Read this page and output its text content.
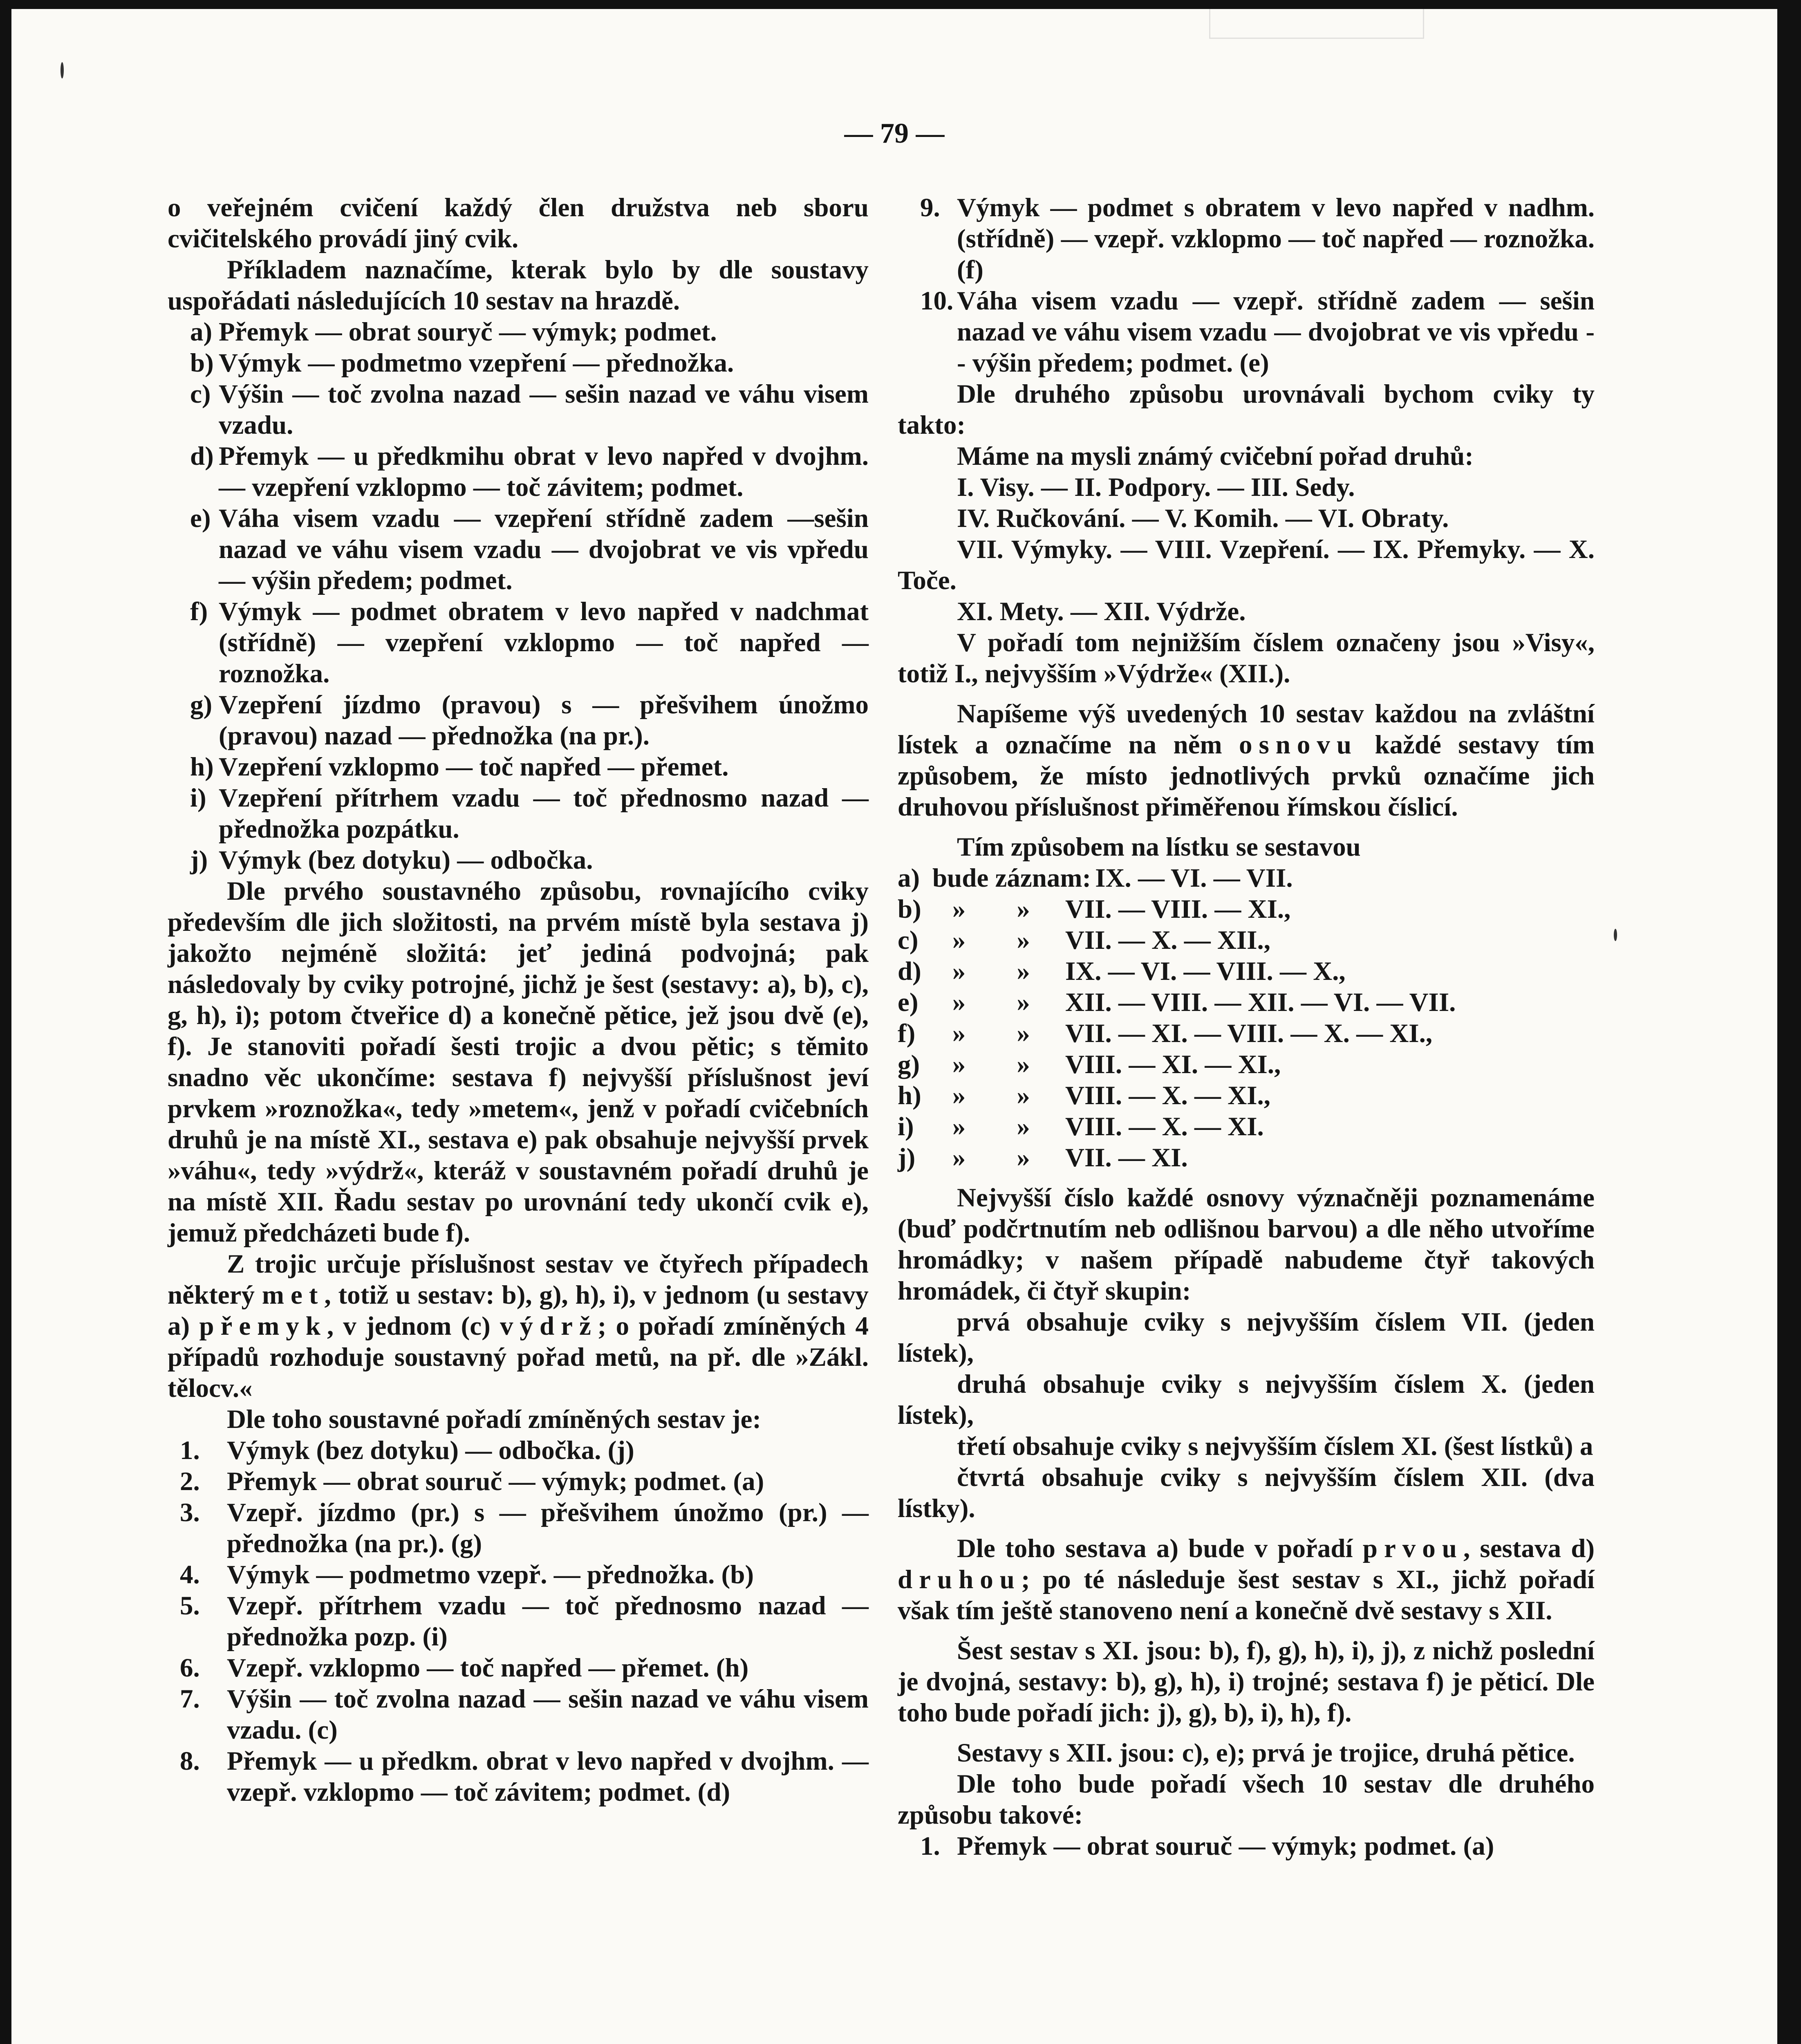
— 79 —

o veřejném cvičení každý člen družstva neb sboru cvičitelského provádí jiný cvik.

Příkladem naznačíme, kterak bylo by dle soustavy uspořádati následujících 10 sestav na hrazdě.

a) Přemyk — obrat sourуč — výmyk; podmet.
b) Výmyk — podmetmo vzepření — přednožka.
c) Výšin — toč zvolna nazad — sešin nazad ve váhu visem vzadu.
d) Přemyk — u předkmihu obrat v levo napřed v dvojhm. — vzepření vzklopmo — toč závitem; podmet.
e) Váha visem vzadu — vzepření střídně zadem —sešin nazad ve váhu visem vzadu — dvojobrat ve vis vpředu — výšin předem; podmet.
f) Výmyk — podmet obratem v levo napřed v nadchmat (střídně) — vzepření vzklopmo — toč napřed — roznožka.
g) Vzepření jízdmo (pravou) s — přešvihem únožmo (pravou) nazad — přednožka (na pr.).
h) Vzepření vzklopmo — toč napřed — přemet.
i) Vzepření přítrhem vzadu — toč přednosmo nazad — přednožka pozpátku.
j) Výmyk (bez dotyku) — odbočka.

Dle prvého soustavného způsobu, rovnajícího cviky především dle jich složitosti, na prvém místě byla sestava j) jakožto nejméně složitá: jeť jediná podvojná; pak následovaly by cviky potrojné, jichž je šest (sestavy: a), b), c), g, h), i); potom čtveřice d) a konečně pětice, jež jsou dvě (e), f). Je stanoviti pořadí šesti trojic a dvou pětic; s těmito snadno věc ukončíme: sestava f) nejvyšší příslušnost jeví prvkem »roznožka«, tedy »metem«, jenž v pořadí cvičebních druhů je na místě XI., sestava e) pak obsahuje nejvyšší prvek »váhu«, tedy »výdrž«, kteráž v soustavném pořadí druhů je na místě XII. Řadu sestav po urovnání tedy ukončí cvik e), jemuž předcházeti bude f).

Z trojic určuje příslušnost sestav ve čtyřech případech některý met, totiž u sestav: b), g), h), i), v jednom (u sestavy a) přemyk, v jednom (c) výdrž; o pořadí zmíněných 4 případů rozhoduje soustavný pořad metů, na př. dle »Zákl. tělocv.«

Dle toho soustavné pořadí zmíněných sestav je:

1.	Výmyk (bez dotyku) — odbočka. (j)
2.	Přemyk — obrat souruč — výmyk; podmet. (a)
3.	Vzepř. jízdmo (pr.) s — přešvihem únožmo (pr.) — přednožka (na pr.). (g)
4.	Výmyk — podmetmo vzepř. — přednožka. (b)
5.	Vzepř. přítrhem vzadu — toč přednosmo nazad — přednožka pozp. (i)
6.	Vzepř. vzklopmo — toč napřed — přemet. (h)
7.	Výšin — toč zvolna nazad — sešin nazad ve váhu visem vzadu. (c)
8.	Přemyk — u předkm. obrat v levo napřed v dvojhm. — vzepř. vzklopmo — toč závitem; podmet. (d)
9. Výmyk — podmet s obratem v levo napřed v nadhm. (střídně) — vzepř. vzklopmo — toč napřed — roznožka. (f)
10. Váha visem vzadu — vzepř. střídně zadem — sešin nazad ve váhu visem vzadu — dvojobrat ve vis vpředu -- výšin předem; podmet. (e)

Dle druhého způsobu urovnávali bychom cviky ty takto:

Máme na mysli známý cvičební pořad druhů:

I. Visy. — II. Podpory. — III. Sedy.

IV. Ručkování. — V. Komih. — VI. Obraty.

VII. Výmyky. — VIII. Vzepření. — IX. Přemyky. — X. Toče.

XI. Mety. — XII. Výdrže.

V pořadí tom nejnižším číslem označeny jsou »Visy«, totiž I., nejvyšším »Výdrže« (XII.).

Napíšeme výš uvedených 10 sestav každou na zvláštní lístek a označíme na něm osnovu každé sestavy tím způsobem, že místo jednotlivých prvků označíme jich druhovou příslušnost přiměřenou římskou číslicí.

Tím způsobem na lístku se sestavou

a) bude záznam: IX. — VI. — VII.
b) » » VII. — VIII. — XI.,
c) » » VII. — X. — XII.,
d) » » IX. — VI. — VIII. — X.,
e) » » XII. — VIII. — XII. — VI. — VII.
f) » » VII. — XI. — VIII. — X. — XI.,
g) » » VIII. — XI. — XI.,
h) » » VIII. — X. — XI.,
i) » » VIII. — X. — XI.
j) » » VII. — XI.

Nejvyšší číslo každé osnovy význačněji poznamenáme (buď podčrtnutím neb odlišnou barvou) a dle něho utvoříme hromádky; v našem případě nabudeme čtyř takových hromádek, či čtyř skupin:

prvá obsahuje cviky s nejvyšším číslem VII. (jeden lístek),

druhá obsahuje cviky s nejvyšším číslem X. (jeden lístek),

třetí obsahuje cviky s nejvyšším číslem XI. (šest lístků) a

čtvrtá obsahuje cviky s nejvyšším číslem XII. (dva lístky).

Dle toho sestava a) bude v pořadí prvou, sestava d) druhou; po té následuje šest sestav s XI., jichž pořadí však tím ještě stanoveno není a konečně dvě sestavy s XII.

Šest sestav s XI. jsou: b), f), g), h), i), j), z nichž poslední je dvojná, sestavy: b), g), h), i) trojné; sestava f) je pěticí. Dle toho bude pořadí jich: j), g), b), i), h), f).

Sestavy s XII. jsou: c), e); prvá je trojice, druhá pětice.

Dle toho bude pořadí všech 10 sestav dle druhého způsobu takové:

1. Přemyk — obrat souruč — výmyk; podmet. (a)
